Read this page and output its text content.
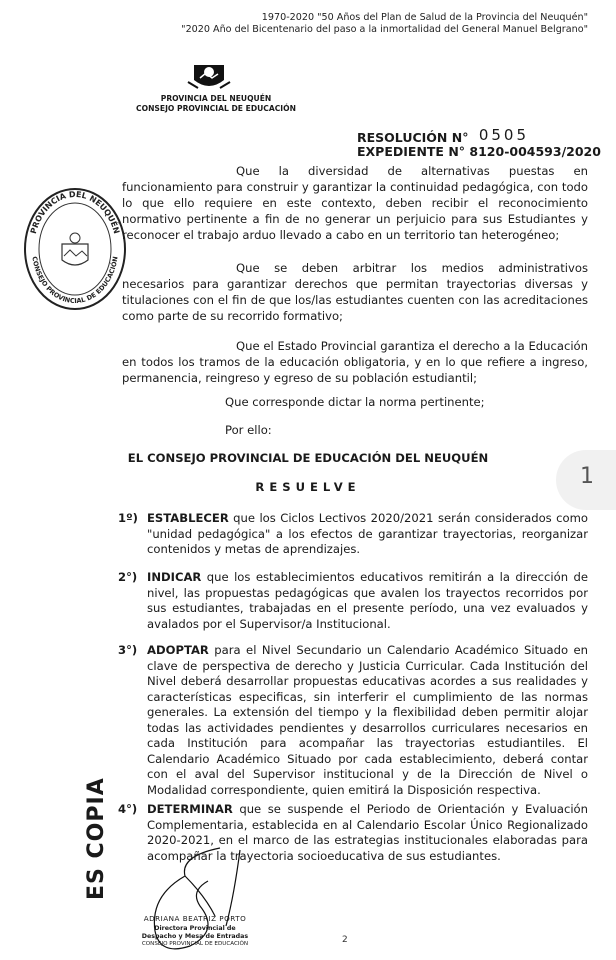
1970-2020 "50 Años del Plan de Salud de la Provincia del Neuquén"
"2020 Año del Bicentenario del paso a la inmortalidad del General Manuel Belgrano"
PROVINCIA DEL NEUQUÉN
CONSEJO PROVINCIAL DE EDUCACIÓN
RESOLUCIÓN N° 0505
EXPEDIENTE N° 8120-004593/2020
PROVINCIA DEL NEUQUÉN
CONSEJO PROVINCIAL DE EDUCACIÓN
Que la diversidad de alternativas puestas en funcionamiento para construir y garantizar la continuidad pedagógica, con todo lo que ello requiere en este contexto, deben recibir el reconocimiento normativo pertinente a fin de no generar un perjuicio para sus Estudiantes y reconocer el trabajo arduo llevado a cabo en un territorio tan heterogéneo;
Que se deben arbitrar los medios administrativos necesarios para garantizar derechos que permitan trayectorias diversas y titulaciones con el fin de que los/las estudiantes cuenten con las acreditaciones como parte de su recorrido formativo;
Que el Estado Provincial garantiza el derecho a la Educación en todos los tramos de la educación obligatoria, y en lo que refiere a ingreso, permanencia, reingreso y egreso de su población estudiantil;
Que corresponde dictar la norma pertinente;
Por ello:
EL CONSEJO PROVINCIAL DE EDUCACIÓN DEL NEUQUÉN
RESUELVE
1º) ESTABLECER que los Ciclos Lectivos 2020/2021 serán considerados como "unidad pedagógica" a los efectos de garantizar trayectorias, reorganizar contenidos y metas de aprendizajes.
2°) INDICAR que los establecimientos educativos remitirán a la dirección de nivel, las propuestas pedagógicas que avalen los trayectos recorridos por sus estudiantes, trabajadas en el presente período, una vez evaluados y avalados por el Supervisor/a Institucional.
3°) ADOPTAR para el Nivel Secundario un Calendario Académico Situado en clave de perspectiva de derecho y Justicia Curricular. Cada Institución del Nivel deberá desarrollar propuestas educativas acordes a sus realidades y características especificas, sin interferir el cumplimiento de las normas generales. La extensión del tiempo y la flexibilidad deben permitir alojar todas las actividades pendientes y desarrollos curriculares necesarios en cada Institución para acompañar las trayectorias estudiantiles. El Calendario Académico Situado por cada establecimiento, deberá contar con el aval del Supervisor institucional y de la Dirección de Nivel o Modalidad correspondiente, quien emitirá la Disposición respectiva.
4°) DETERMINAR que se suspende el Periodo de Orientación y Evaluación Complementaria, establecida en al Calendario Escolar Único Regionalizado 2020-2021, en el marco de las estrategias institucionales elaboradas para acompañar la trayectoria socioeducativa de sus estudiantes.
ES COPIA
ADRIANA BEATRIZ PORTO
Directora Provincial de
Despacho y Mesa de Entradas
CONSEJO PROVINCIAL DE EDUCACIÓN	2
1
